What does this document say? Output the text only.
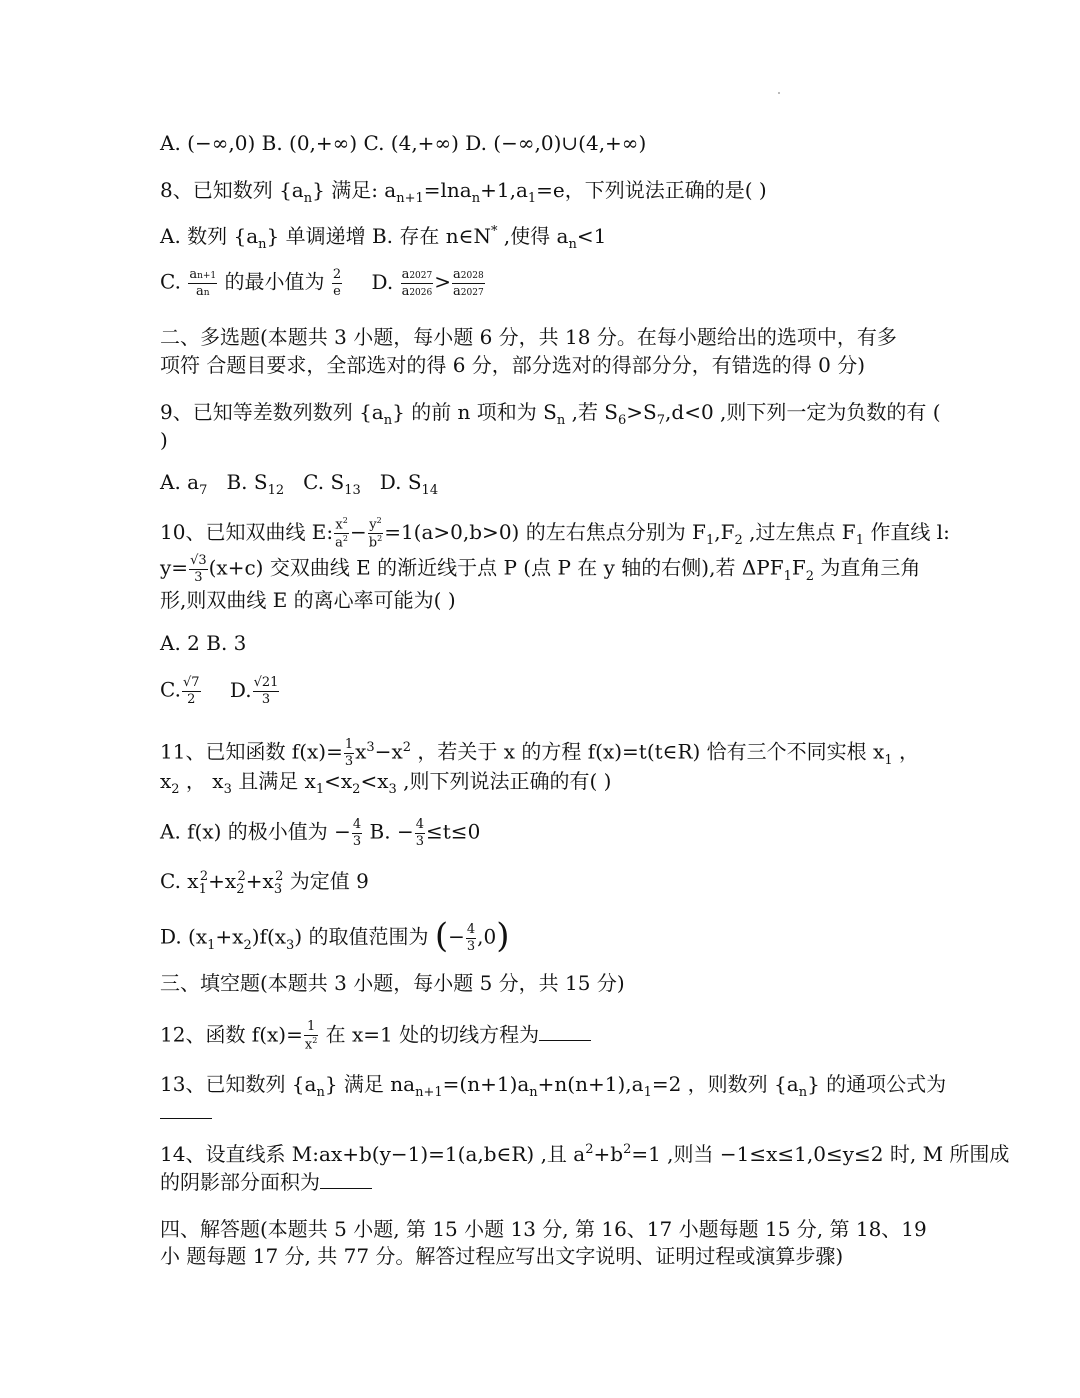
A. (−∞,0) B. (0,+∞) C. (4,+∞) D. (−∞,0)∪(4,+∞)
8、已知数列 $\{a_n\}$ 满足: $a_{n+1}=\ln a_n+1,a_1=e$，下列说法正确的是( )
A. 数列 $\{a_n\}$ 单调递增 B. 存在 n∈N* ,使得 $a_n<1$
C. $\frac{an+1}{an}$ 的最小值为 $\frac{2}{e} D$. $\frac{a2027}{a2026} > \frac{a2028}{a2027}$
二、多选题(本题共 3 小题，每小题 6 分，共 18 分。在每小题给出的选项中，有多
项符 合题目要求，全部选对的得 6 分，部分选对的得部分分，有错选的得 0 分)
9、已知等差数列数列 $\{a_n\}$ 的前 n 项和为 $S_n$ ,若 $S_6>S_7,d<0$ ,则下列一定为负数的有 (
)
A. $a_7$   B. $S_{12}$   C. $S_{13}$   D. $S_{14}$
10、已知双曲线 E: $\frac{x^2}{a^2} - \frac{y^2}{b^2} =1(a>0,b>0)$ 的左右焦点分别为 $F_1,F_2$ ,过左焦点 $F_1$ 作直线 l:
$y= \frac{√3}{3} (x+c)$ 交双曲线 E 的渐近线于点 P (点 P 在 y 轴的右侧),若 $\Delta PF_1F_2$ 为直角三角
形,则双曲线 E 的离心率可能为( )
A. 2 B. 3
C. $\frac{√7}{2} D$. $\frac{√21}{3}$
11、已知函数 $f(x)= \frac{1}{3} x^3-x^2$ ，若关于 x 的方程 f(x)=t(t∈R) 恰有三个不同实根 $x_1$ ，
$x_2$ ， $x_3$ 且满足 $x_1<x_2<x_3$ ,则下列说法正确的有( )
A. f(x) 的极小值为 − $\frac{4}{3} B$. − $\frac{4}{3} \le t\le 0$
C. $x_1^2+x_2^2+x_3^2$ 为定值 9
D. $(x_1+x_2)f(x_3)$ 的取值范围为 (− $\frac{4}{3} ,0$)
三、填空题(本题共 3 小题，每小题 5 分，共 15 分)
12、函数 $f(x)= \frac{1}{x^2}$ 在 x=1 处的切线方程为
13、已知数列 $\{a_n\}$ 满足 $na_{n+1}=(n+1)a_n+n(n+1),a_1=2$ ，则数列 $\{a_n\}$ 的通项公式为
14、设直线系 M:ax+b(y−1)=1(a,b∈R) ,且 $a^2+b^2=1$ ,则当 −1≤x≤1,0≤y≤2 时, M 所围成
的阴影部分面积为
四、解答题(本题共 5 小题, 第 15 小题 13 分, 第 16、17 小题每题 15 分, 第 18、19
小 题每题 17 分, 共 77 分。解答过程应写出文字说明、证明过程或演算步骤)
